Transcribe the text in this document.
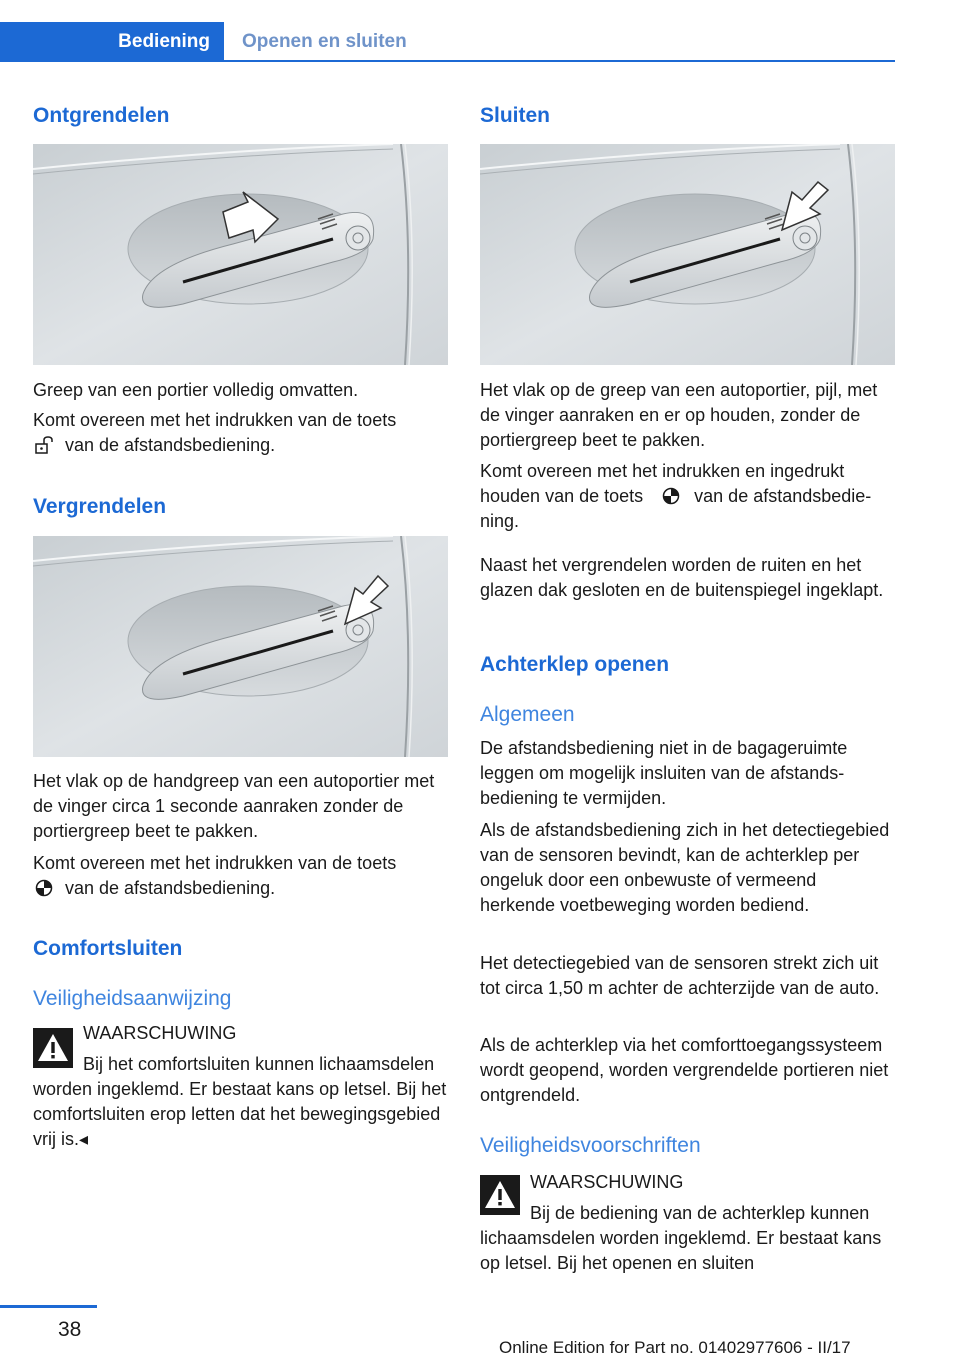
Bediening	Openen en sluiten
Ontgrendelen

Greep van een portier volledig omvatten.

Komt overeen met het indrukken van de toets
van de afstandsbediening.

Vergrendelen

Het vlak op de handgreep van een autoportier met de vinger circa 1 seconde aanraken zonder de portiergreep beet te pakken.

Komt overeen met het indrukken van de toets
van de afstandsbediening.

Comfortsluiten
Veiligheidsaanwijzing
WAARSCHUWING

Bij het comfortsluiten kunnen lichaamsdelen worden ingeklemd. Er bestaat kans op letsel. Bij het comfortsluiten erop letten dat het bewegingsgebied vrij is.◂

Sluiten

Het vlak op de greep van een autoportier, pijl, met de vinger aanraken en er op houden, zonder de portiergreep beet te pakken.

Komt overeen met het indrukken en ingedrukt houden van de toets	van de afstandsbediening.

Naast het vergrendelen worden de ruiten en het glazen dak gesloten en de buitenspiegel ingeklapt.

Achterklep openen
Algemeen

De afstandsbediening niet in de bagageruimte leggen om mogelijk insluiten van de afstandsbediening te vermijden.

Als de afstandsbediening zich in het detectiegebied van de sensoren bevindt, kan de achterklep per ongeluk door een onbewuste of vermeend herkende voetbeweging worden bediend.

Het detectiegebied van de sensoren strekt zich uit tot circa 1,50 m achter de achterzijde van de auto.

Als de achterklep via het comforttoegangssysteem wordt geopend, worden vergrendelde portieren niet ontgrendeld.

Veiligheidsvoorschriften
WAARSCHUWING

Bij de bediening van de achterklep kunnen lichaamsdelen worden ingeklemd. Er bestaat kans op letsel. Bij het openen en sluiten

38
Online Edition for Part no. 01402977606 - II/17
